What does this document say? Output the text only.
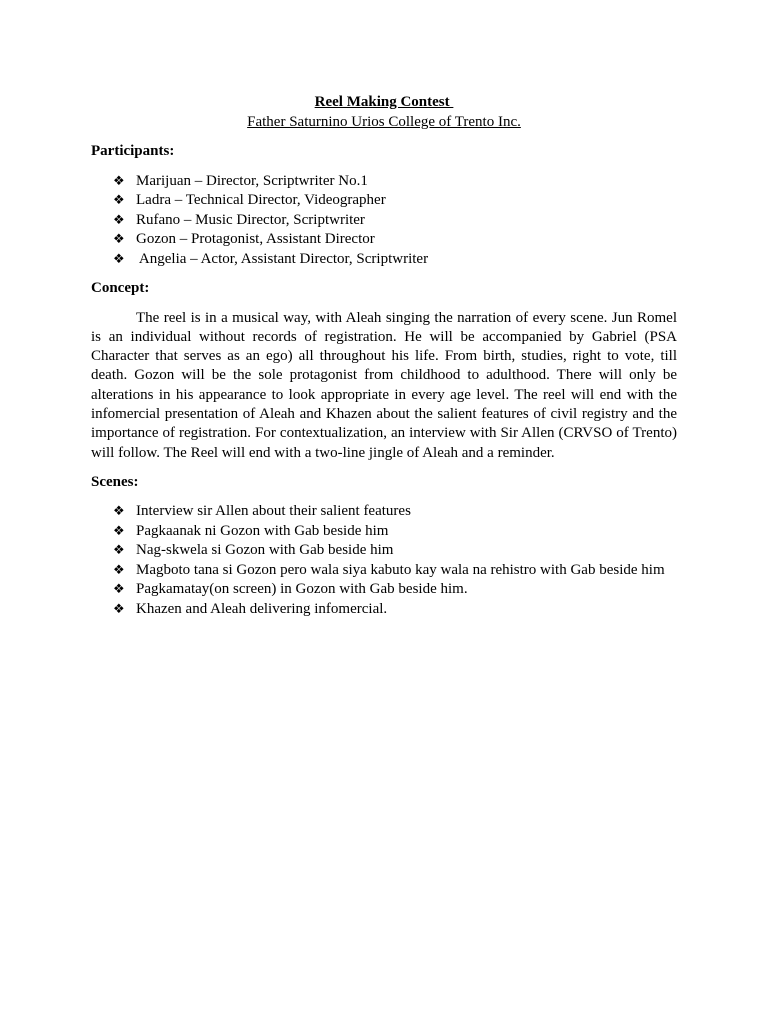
Reel Making Contest
Father Saturnino Urios College of Trento Inc.
Participants:
❖ Marijuan – Director, Scriptwriter No.1
❖ Ladra – Technical Director, Videographer
❖ Rufano – Music Director, Scriptwriter
❖ Gozon – Protagonist, Assistant Director
❖ Angelia – Actor, Assistant Director, Scriptwriter
Concept:

The reel is in a musical way, with Aleah singing the narration of every scene. Jun Romel is an individual without records of registration. He will be accompanied by Gabriel (PSA Character that serves as an ego) all throughout his life. From birth, studies, right to vote, till death. Gozon will be the sole protagonist from childhood to adulthood. There will only be alterations in his appearance to look appropriate in every age level. The reel will end with the infomercial presentation of Aleah and Khazen about the salient features of civil registry and the importance of registration. For contextualization, an interview with Sir Allen (CRVSO of Trento) will follow. The Reel will end with a two-line jingle of Aleah and a reminder.

Scenes:
❖ Interview sir Allen about their salient features
❖ Pagkaanak ni Gozon with Gab beside him
❖ Nag-skwela si Gozon with Gab beside him
❖ Magboto tana si Gozon pero wala siya kabuto kay wala na rehistro with Gab beside him
❖ Pagkamatay(on screen) in Gozon with Gab beside him.
❖ Khazen and Aleah delivering infomercial.
